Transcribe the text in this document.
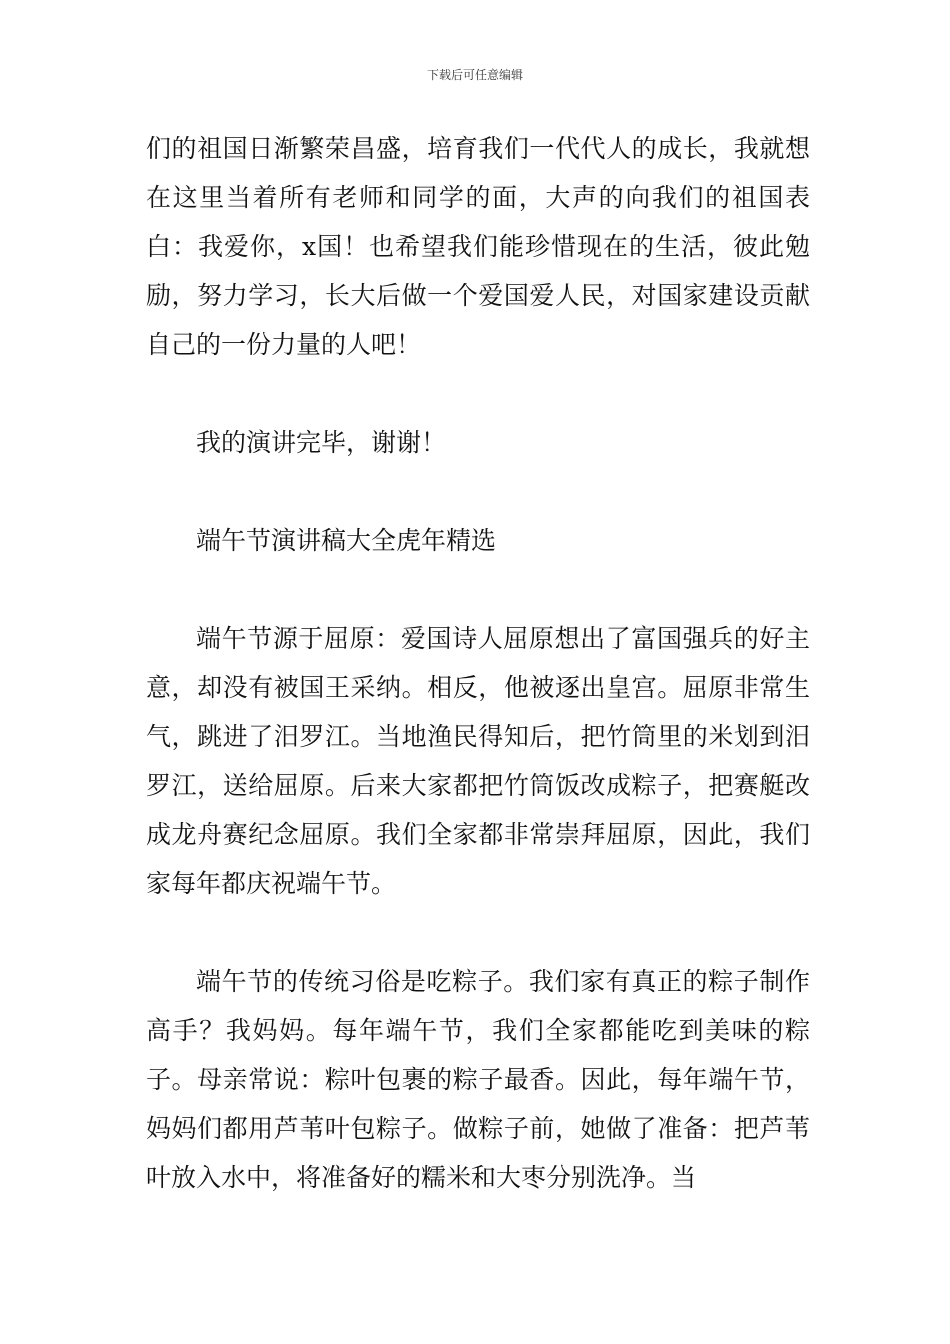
下载后可任意编辑

们的祖国日渐繁荣昌盛，培育我们一代代人的成长，我就想在这里当着所有老师和同学的面，大声的向我们的祖国表白：我爱你，x国！也希望我们能珍惜现在的生活，彼此勉励，努力学习，长大后做一个爱国爱人民，对国家建设贡献自己的一份力量的人吧！

我的演讲完毕，谢谢！

端午节演讲稿大全虎年精选

端午节源于屈原：爱国诗人屈原想出了富国强兵的好主意，却没有被国王采纳。相反，他被逐出皇宫。屈原非常生气，跳进了汨罗江。当地渔民得知后，把竹筒里的米划到汨罗江，送给屈原。后来大家都把竹筒饭改成粽子，把赛艇改成龙舟赛纪念屈原。我们全家都非常崇拜屈原，因此，我们家每年都庆祝端午节。

端午节的传统习俗是吃粽子。我们家有真正的粽子制作高手？我妈妈。每年端午节，我们全家都能吃到美味的粽子。母亲常说：粽叶包裹的粽子最香。因此，每年端午节，妈妈们都用芦苇叶包粽子。做粽子前，她做了准备：把芦苇叶放入水中，将准备好的糯米和大枣分别洗净。当
